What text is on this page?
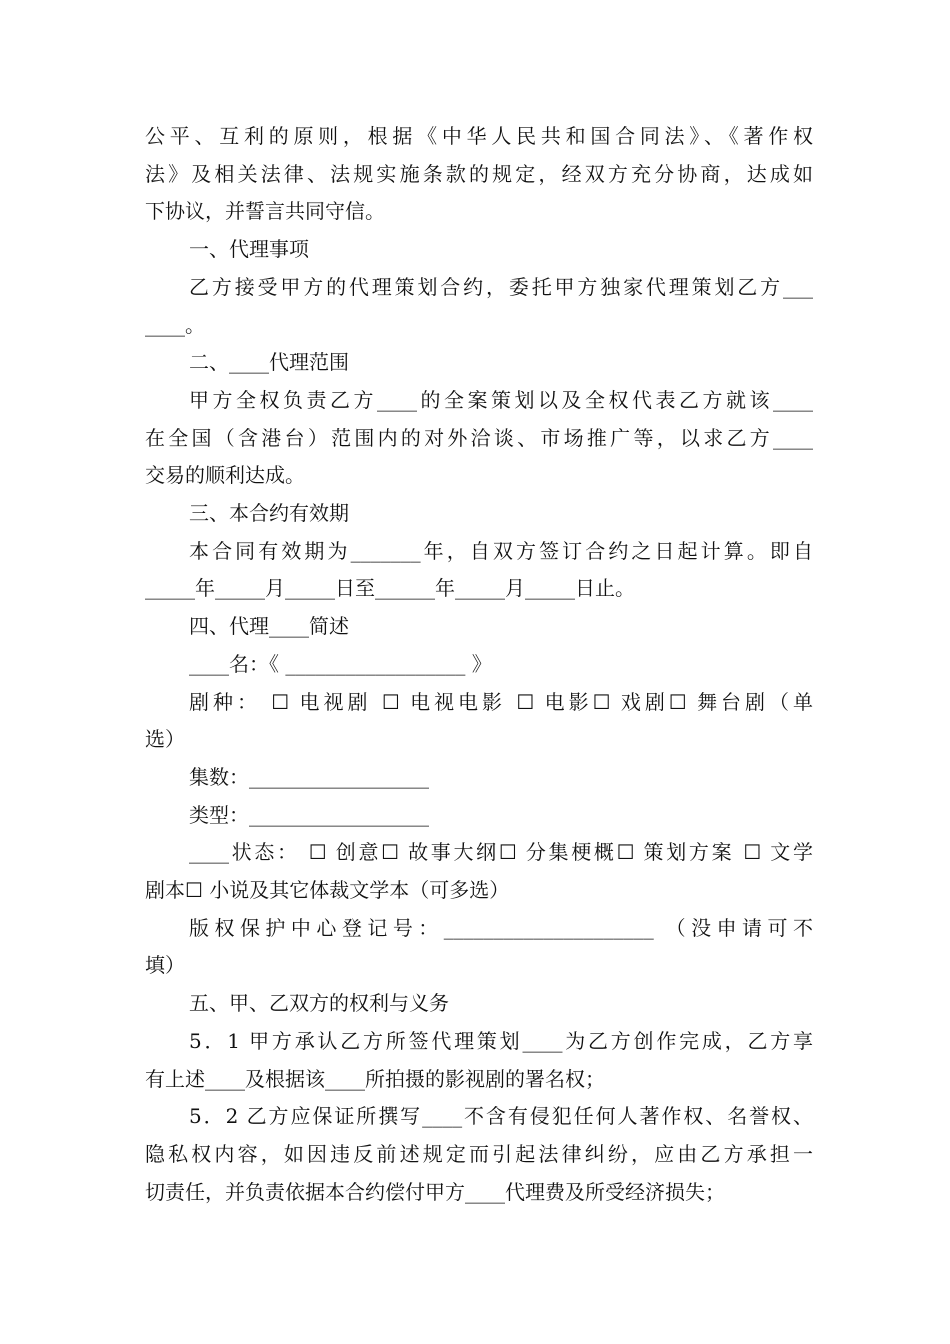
公平、互利的原则，根据《中华人民共和国合同法》、《著作权

法》及相关法律、法规实施条款的规定，经双方充分协商，达成如

下协议，并誓言共同守信。

一、代理事项

乙方接受甲方的代理策划合约，委托甲方独家代理策划乙方___

____。

二、____代理范围

甲方全权负责乙方____的全案策划以及全权代表乙方就该____

在全国（含港台）范围内的对外洽谈、市场推广等，以求乙方____

交易的顺利达成。

三、本合约有效期

本合同有效期为_______年，自双方签订合约之日起计算。即自

_____年_____月_____日至______年_____月_____日止。

四、代理____简述

____名：《 __________________ 》

剧种： ☐ 电视剧 ☐ 电视电影 ☐ 电影☐ 戏剧☐ 舞台剧（单

选）

集数：__________________

类型：__________________

____状态： ☐ 创意☐ 故事大纲☐ 分集梗概☐ 策划方案 ☐ 文学

剧本☐ 小说及其它体裁文学本（可多选）

版权保护中心登记号：_____________________ （没申请可不

填）

五、甲、乙双方的权利与义务

5．1 甲方承认乙方所签代理策划____为乙方创作完成，乙方享

有上述____及根据该____所拍摄的影视剧的署名权；

5．2 乙方应保证所撰写____不含有侵犯任何人著作权、名誉权、

隐私权内容，如因违反前述规定而引起法律纠纷，应由乙方承担一

切责任，并负责依据本合约偿付甲方____代理费及所受经济损失；
